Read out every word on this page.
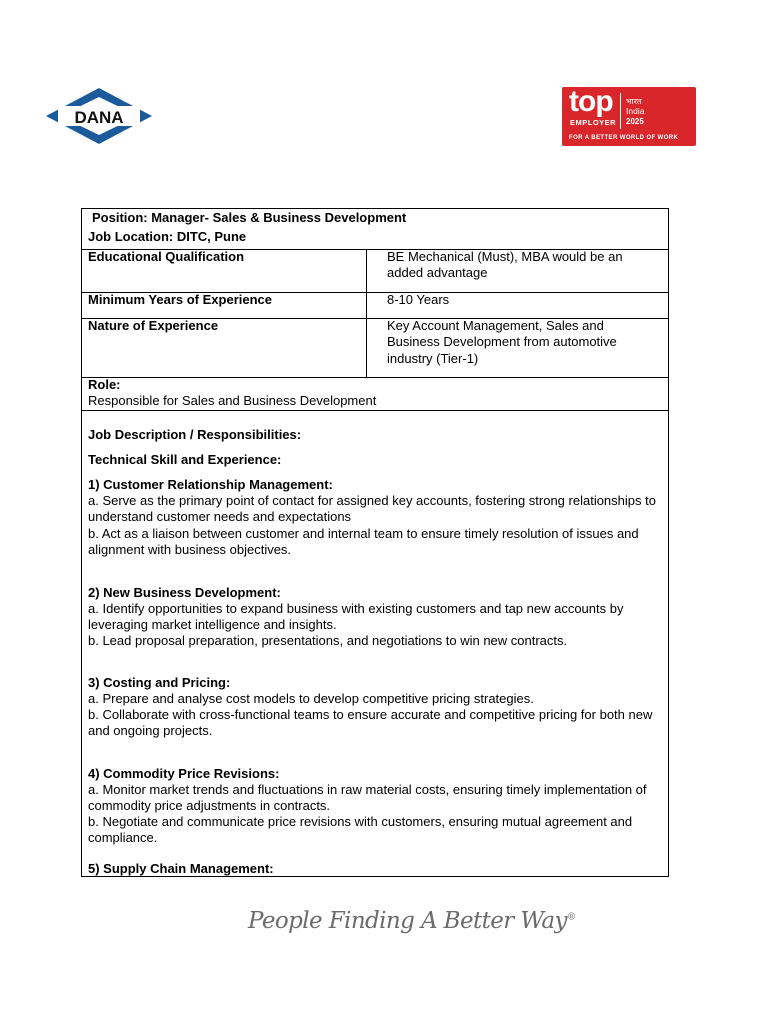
DANA	top
EMPLOYER
भारत
India
2025
FOR A BETTER WORLD OF WORK
Position: Manager- Sales & Business Development
Job Location: DITC, Pune
Educational Qualification	BE Mechanical (Must), MBA would be an added advantage
Minimum Years of Experience	8-10 Years
Nature of Experience	Key Account Management, Sales and Business Development from automotive industry (Tier-1)
Role:
Responsible for Sales and Business Development
Job Description / Responsibilities:
Technical Skill and Experience:
1) Customer Relationship Management:
a. Serve as the primary point of contact for assigned key accounts, fostering strong relationships to understand customer needs and expectations
b. Act as a liaison between customer and internal team to ensure timely resolution of issues and alignment with business objectives.
2) New Business Development:
a. Identify opportunities to expand business with existing customers and tap new accounts by leveraging market intelligence and insights.
b. Lead proposal preparation, presentations, and negotiations to win new contracts.
3) Costing and Pricing:
a. Prepare and analyse cost models to develop competitive pricing strategies.
b. Collaborate with cross-functional teams to ensure accurate and competitive pricing for both new and ongoing projects.
4) Commodity Price Revisions:
a. Monitor market trends and fluctuations in raw material costs, ensuring timely implementation of commodity price adjustments in contracts.
b. Negotiate and communicate price revisions with customers, ensuring mutual agreement and compliance.
5) Supply Chain Management:
People Finding A Better Way®
